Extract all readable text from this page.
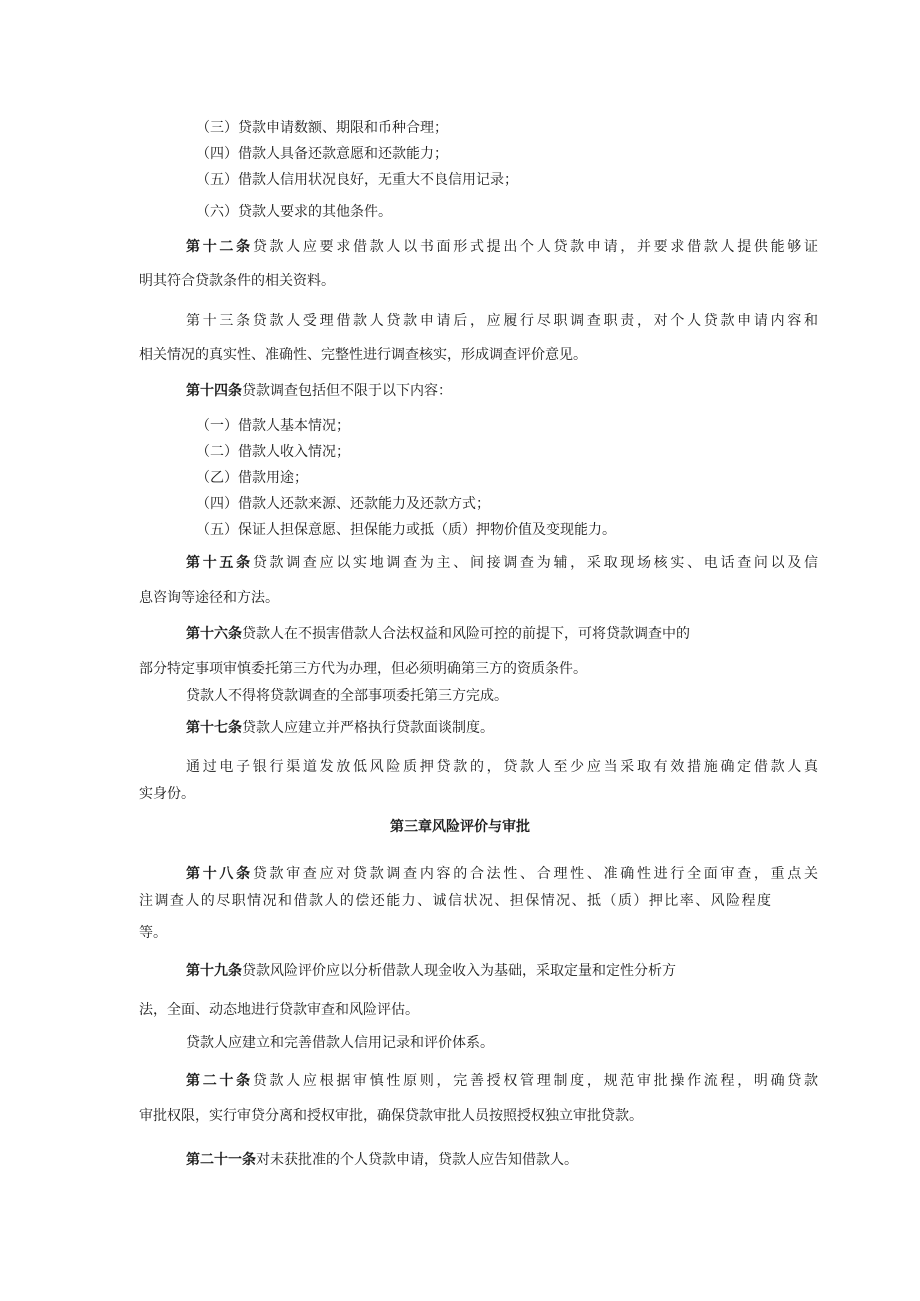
（三）贷款申请数额、期限和币种合理；
（四）借款人具备还款意愿和还款能力；
（五）借款人信用状况良好，无重大不良信用记录；
（六）贷款人要求的其他条件。
第十二条贷款人应要求借款人以书面形式提出个人贷款申请，并要求借款人提供能够证
明其符合贷款条件的相关资料。
第十三条贷款人受理借款人贷款申请后，应履行尽职调查职责，对个人贷款申请内容和
相关情况的真实性、准确性、完整性进行调查核实，形成调查评价意见。
第十四条贷款调查包括但不限于以下内容：
（一）借款人基本情况；
（二）借款人收入情况；
（乙）借款用途；
（四）借款人还款来源、还款能力及还款方式；
（五）保证人担保意愿、担保能力或抵（质）押物价值及变现能力。
第十五条贷款调查应以实地调查为主、间接调查为辅，采取现场核实、电话查问以及信
息咨询等途径和方法。
第十六条贷款人在不损害借款人合法权益和风险可控的前提下，可将贷款调查中的
部分特定事项审慎委托第三方代为办理，但必须明确第三方的资质条件。
贷款人不得将贷款调查的全部事项委托第三方完成。
第十七条贷款人应建立并严格执行贷款面谈制度。
通过电子银行渠道发放低风险质押贷款的，贷款人至少应当采取有效措施确定借款人真
实身份。
第三章风险评价与审批
第十八条贷款审查应对贷款调查内容的合法性、合理性、准确性进行全面审查，重点关
注调查人的尽职情况和借款人的偿还能力、诚信状况、担保情况、抵（质）押比率、风险程度
等。
第十九条贷款风险评价应以分析借款人现金收入为基础，采取定量和定性分析方
法，全面、动态地进行贷款审查和风险评估。
贷款人应建立和完善借款人信用记录和评价体系。
第二十条贷款人应根据审慎性原则，完善授权管理制度，规范审批操作流程，明确贷款
审批权限，实行审贷分离和授权审批，确保贷款审批人员按照授权独立审批贷款。
第二十一条对未获批准的个人贷款申请，贷款人应告知借款人。
